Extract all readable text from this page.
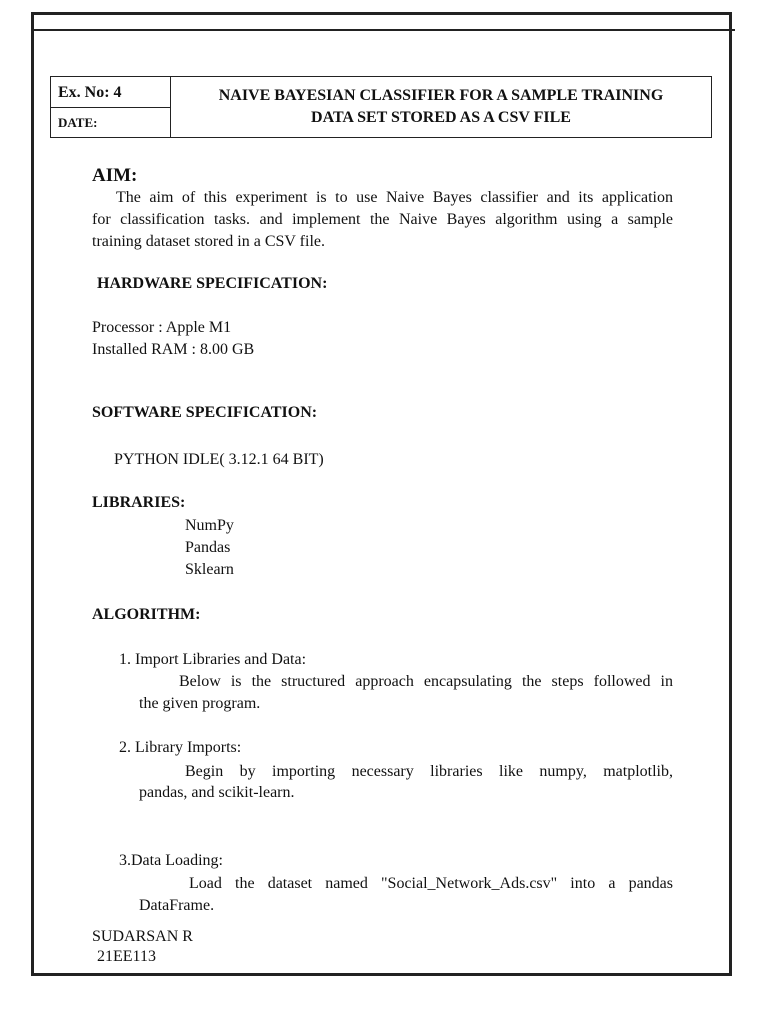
Ex. No: 4
DATE:
NAIVE BAYESIAN CLASSIFIER FOR A SAMPLE TRAINING
DATA SET STORED AS A CSV FILE
AIM:
The aim of this experiment is to use Naive Bayes classifier and its application
for classification tasks. and implement the Naive Bayes algorithm using a sample
training dataset stored in a CSV file.
HARDWARE SPECIFICATION:
Processor : Apple M1
Installed RAM : 8.00 GB
SOFTWARE SPECIFICATION:
PYTHON IDLE( 3.12.1 64 BIT)
LIBRARIES:
NumPy
Pandas
Sklearn
ALGORITHM:
1. Import Libraries and Data:
Below is the structured approach encapsulating the steps followed in
the given program.
2. Library Imports:
Begin by importing necessary libraries like numpy, matplotlib,
pandas, and scikit-learn.
3.Data Loading:
Load the dataset named "Social_Network_Ads.csv" into a pandas
DataFrame.
SUDARSAN R
21EE113
